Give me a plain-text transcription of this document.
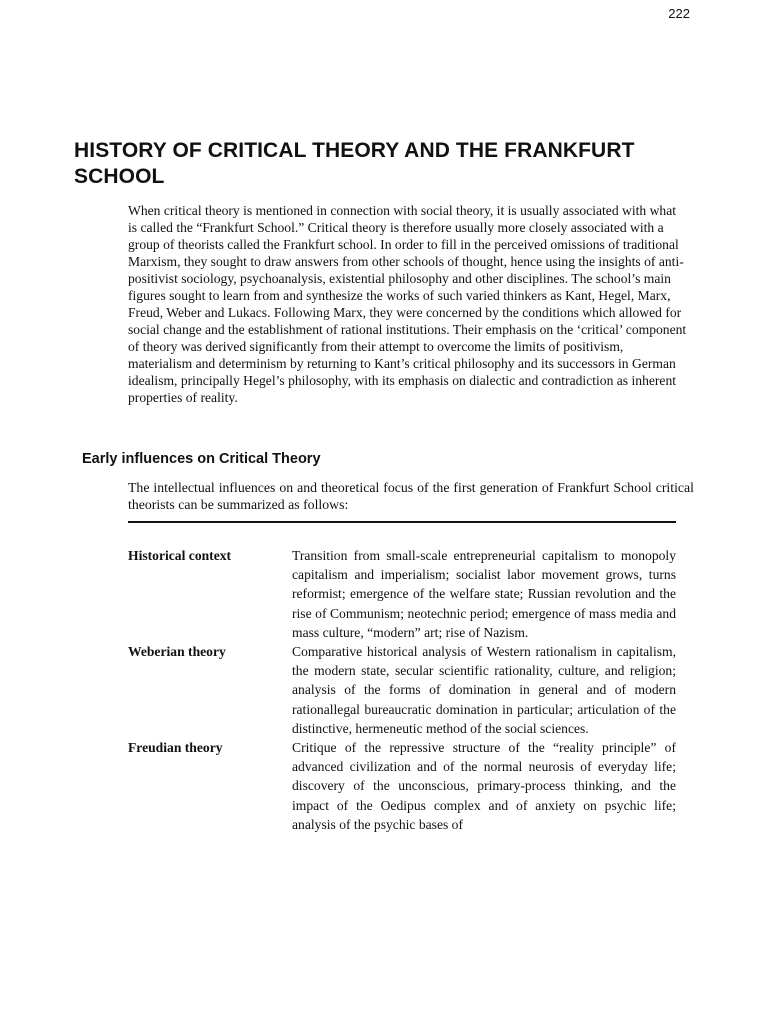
222
HISTORY OF CRITICAL THEORY AND THE FRANKFURT SCHOOL

When critical theory is mentioned in connection with social theory, it is usually associated with what is called the “Frankfurt School.” Critical theory is therefore usually more closely associated with a group of theorists called the Frankfurt school. In order to fill in the perceived omissions of traditional Marxism, they sought to draw answers from other schools of thought, hence using the insights of anti-positivist sociology, psychoanalysis, existential philosophy and other disciplines. The school’s main figures sought to learn from and synthesize the works of such varied thinkers as Kant, Hegel, Marx, Freud, Weber and Lukacs. Following Marx, they were concerned by the conditions which allowed for social change and the establishment of rational institutions. Their emphasis on the ‘critical’ component of theory was derived significantly from their attempt to overcome the limits of positivism, materialism and determinism by returning to Kant’s critical philosophy and its successors in German idealism, principally Hegel’s philosophy, with its emphasis on dialectic and contradiction as inherent properties of reality.

Early influences on Critical Theory

The intellectual influences on and theoretical focus of the first generation of Frankfurt School critical theorists can be summarized as follows:

Historical context	Transition from small-scale entrepreneurial capitalism to monopoly capitalism and imperialism; socialist labor movement grows, turns reformist; emergence of the welfare state; Russian revolution and the rise of Communism; neotechnic period; emergence of mass media and mass culture, “modern” art; rise of Nazism.
Weberian theory	Comparative historical analysis of Western rationalism in capitalism, the modern state, secular scientific rationality, culture, and religion; analysis of the forms of domination in general and of modern rationallegal bureaucratic domination in particular; articulation of the distinctive, hermeneutic method of the social sciences.
Freudian theory	Critique of the repressive structure of the “reality principle” of advanced civilization and of the normal neurosis of everyday life; discovery of the unconscious, primary-process thinking, and the impact of the Oedipus complex and of anxiety on psychic life; analysis of the psychic bases of
